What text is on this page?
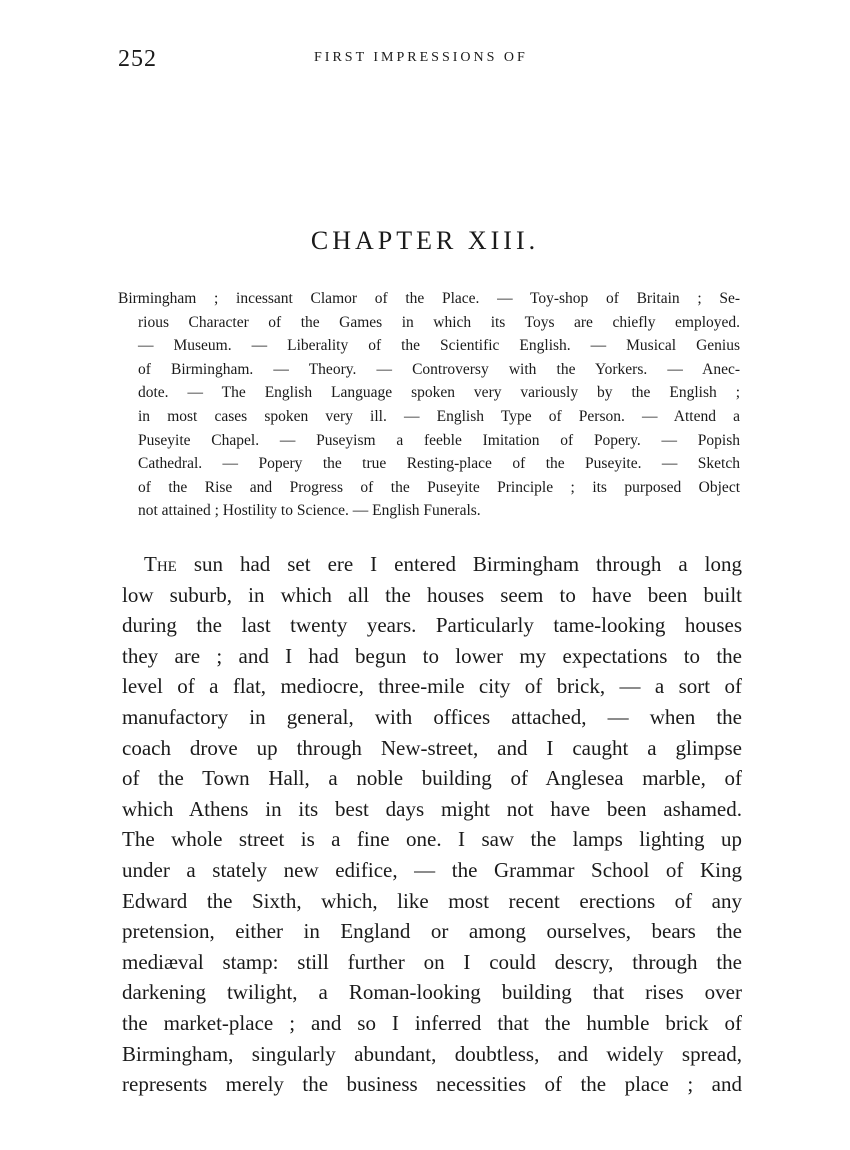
252	FIRST IMPRESSIONS OF
CHAPTER XIII.
Birmingham ; incessant Clamor of the Place. — Toy-shop of Britain ; Se-
rious Character of the Games in which its Toys are chiefly employed.
— Museum. — Liberality of the Scientific English. — Musical Genius
of Birmingham. — Theory. — Controversy with the Yorkers. — Anec-
dote. — The English Language spoken very variously by the English ;
in most cases spoken very ill. — English Type of Person. — Attend a
Puseyite Chapel. — Puseyism a feeble Imitation of Popery. — Popish
Cathedral. — Popery the true Resting-place of the Puseyite. — Sketch
of the Rise and Progress of the Puseyite Principle ; its purposed Object
not attained ; Hostility to Science. — English Funerals.
The sun had set ere I entered Birmingham through a long
low suburb, in which all the houses seem to have been built
during the last twenty years. Particularly tame-looking houses
they are ; and I had begun to lower my expectations to the
level of a flat, mediocre, three-mile city of brick, — a sort of
manufactory in general, with offices attached, — when the
coach drove up through New-street, and I caught a glimpse
of the Town Hall, a noble building of Anglesea marble, of
which Athens in its best days might not have been ashamed.
The whole street is a fine one. I saw the lamps lighting up
under a stately new edifice, — the Grammar School of King
Edward the Sixth, which, like most recent erections of any
pretension, either in England or among ourselves, bears the
mediæval stamp: still further on I could descry, through the
darkening twilight, a Roman-looking building that rises over
the market-place ; and so I inferred that the humble brick of
Birmingham, singularly abundant, doubtless, and widely spread,
represents merely the business necessities of the place ; and
